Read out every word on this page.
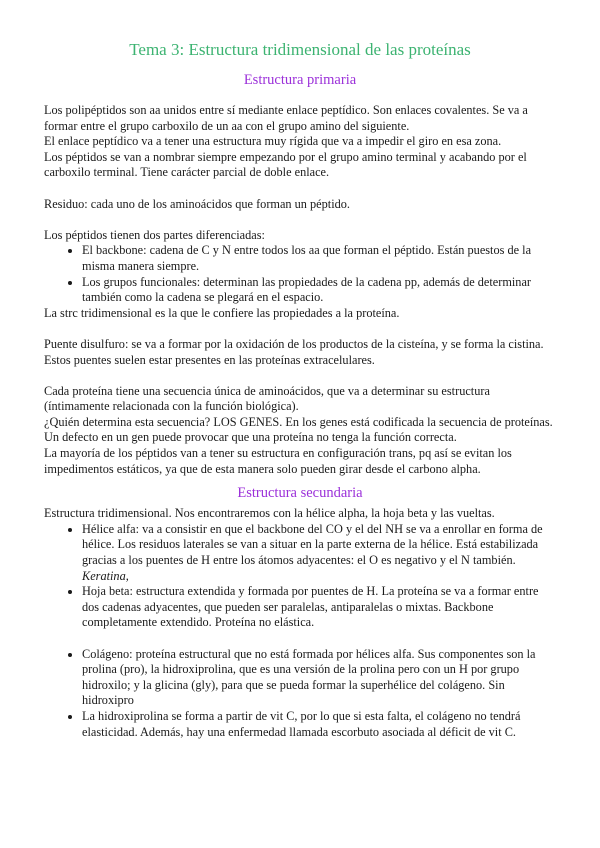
Tema 3: Estructura tridimensional de las proteínas
Estructura primaria

Los polipéptidos son aa unidos entre sí mediante enlace peptídico. Son enlaces covalentes. Se va a formar entre el grupo carboxilo de un aa con el grupo amino del siguiente.

El enlace peptídico va a tener una estructura muy rígida que va a impedir el giro en esa zona.

Los péptidos se van a nombrar siempre empezando por el grupo amino terminal y acabando por el carboxilo terminal. Tiene carácter parcial de doble enlace.

Residuo: cada uno de los aminoácidos que forman un péptido.

Los péptidos tienen dos partes diferenciadas:

• El backbone: cadena de C y N entre todos los aa que forman el péptido. Están puestos de la misma manera siempre.
• Los grupos funcionales: determinan las propiedades de la cadena pp, además de determinar también como la cadena se plegará en el espacio.

La strc tridimensional es la que le confiere las propiedades a la proteína.

Puente disulfuro: se va a formar por la oxidación de los productos de la cisteína, y se forma la cistina. Estos puentes suelen estar presentes en las proteínas extracelulares.

Cada proteína tiene una secuencia única de aminoácidos, que va a determinar su estructura (íntimamente relacionada con la función biológica).

¿Quién determina esta secuencia? LOS GENES. En los genes está codificada la secuencia de proteínas. Un defecto en un gen puede provocar que una proteína no tenga la función correcta.

La mayoría de los péptidos van a tener su estructura en configuración trans, pq así se evitan los impedimentos estáticos, ya que de esta manera solo pueden girar desde el carbono alpha.

Estructura secundaria

Estructura tridimensional. Nos encontraremos con la hélice alpha, la hoja beta y las vueltas.

• Hélice alfa: va a consistir en que el backbone del CO y el del NH se va a enrollar en forma de hélice. Los residuos laterales se van a situar en la parte externa de la hélice. Está estabilizada gracias a los puentes de H entre los átomos adyacentes: el O es negativo y el N también. Keratina,
• Hoja beta: estructura extendida y formada por puentes de H. La proteína se va a formar entre dos cadenas adyacentes, que pueden ser paralelas, antiparalelas o mixtas. Backbone completamente extendido. Proteína no elástica.
• Colágeno: proteína estructural que no está formada por hélices alfa. Sus componentes son la prolina (pro), la hidroxiprolina, que es una versión de la prolina pero con un H por grupo hidroxilo; y la glicina (gly), para que se pueda formar la superhélice del colágeno. Sin hidroxipro
• La hidroxiprolina se forma a partir de vit C, por lo que si esta falta, el colágeno no tendrá elasticidad. Además, hay una enfermedad llamada escorbuto asociada al déficit de vit C.
